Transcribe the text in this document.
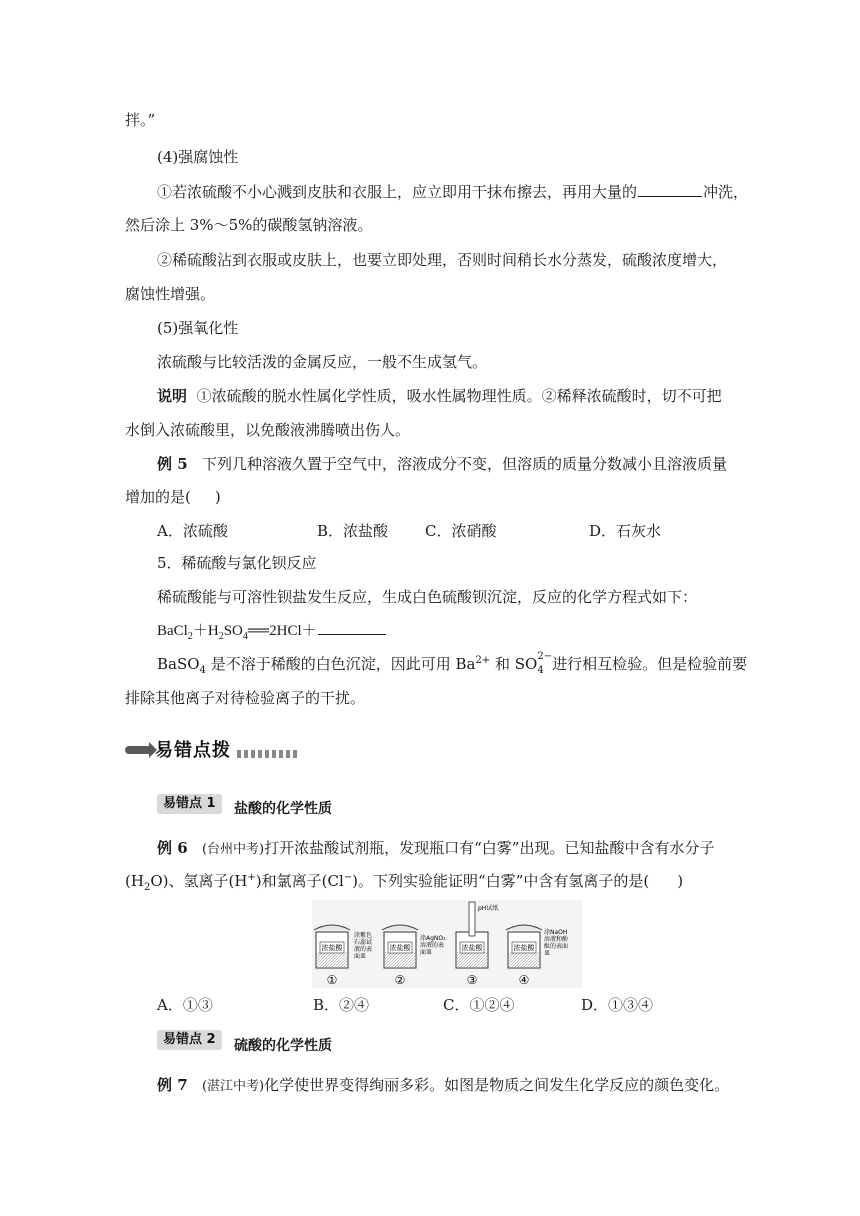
拌。”
(4)强腐蚀性
①若浓硫酸不小心溅到皮肤和衣服上，应立即用干抹布擦去，再用大量的	冲洗，
然后涂上 3%～5%的碳酸氢钠溶液。
②稀硫酸沾到衣服或皮肤上，也要立即处理，否则时间稍长水分蒸发，硫酸浓度增大，
腐蚀性增强。
(5)强氧化性
浓硫酸与比较活泼的金属反应，一般不生成氢气。
说明 ①浓硫酸的脱水性属化学性质，吸水性属物理性质。②稀释浓硫酸时，切不可把
水倒入浓硫酸里，以免酸液沸腾喷出伤人。
例 5 下列几种溶液久置于空气中，溶液成分不变，但溶质的质量分数减小且溶液质量
增加的是( )
A．浓硫酸	B．浓盐酸 C．浓硝酸	D．石灰水
5．稀硫酸与氯化钡反应
稀硫酸能与可溶性钡盐发生反应，生成白色硫酸钡沉淀，反应的化学方程式如下：
$BaCl_2+H_2SO_4══2HCl+$
BaSO$_4$ 是不溶于稀酸的白色沉淀，因此可用 $Ba^{2+}$ 和 SO 2−
4 进行相互检验。但是检验前要
排除其他离子对待检验离子的干扰。
易错点拨
易错点 1	盐酸的化学性质
例 6 (台州中考)打开浓盐酸试剂瓶，发现瓶口有“白雾”出现。已知盐酸中含有水分子
$(H_2O)$、氢离子(H+)和氯离子(Cl−)。下列实验能证明“白雾”中含有氢离子的是( )
浓盐酸
涂紫色石蕊试液的表面皿
①
浓盐酸
涂AgNO₃ 溶液的表面皿
②
浓盐酸
pH试纸
③
浓盐酸
涂NaOH 溶液和酚酞的表面皿
④
A．①③	B．②④	C．①②④	D．①③④
易错点 2	硫酸的化学性质
例 7 (湛江中考)化学使世界变得绚丽多彩。如图是物质之间发生化学反应的颜色变化。
